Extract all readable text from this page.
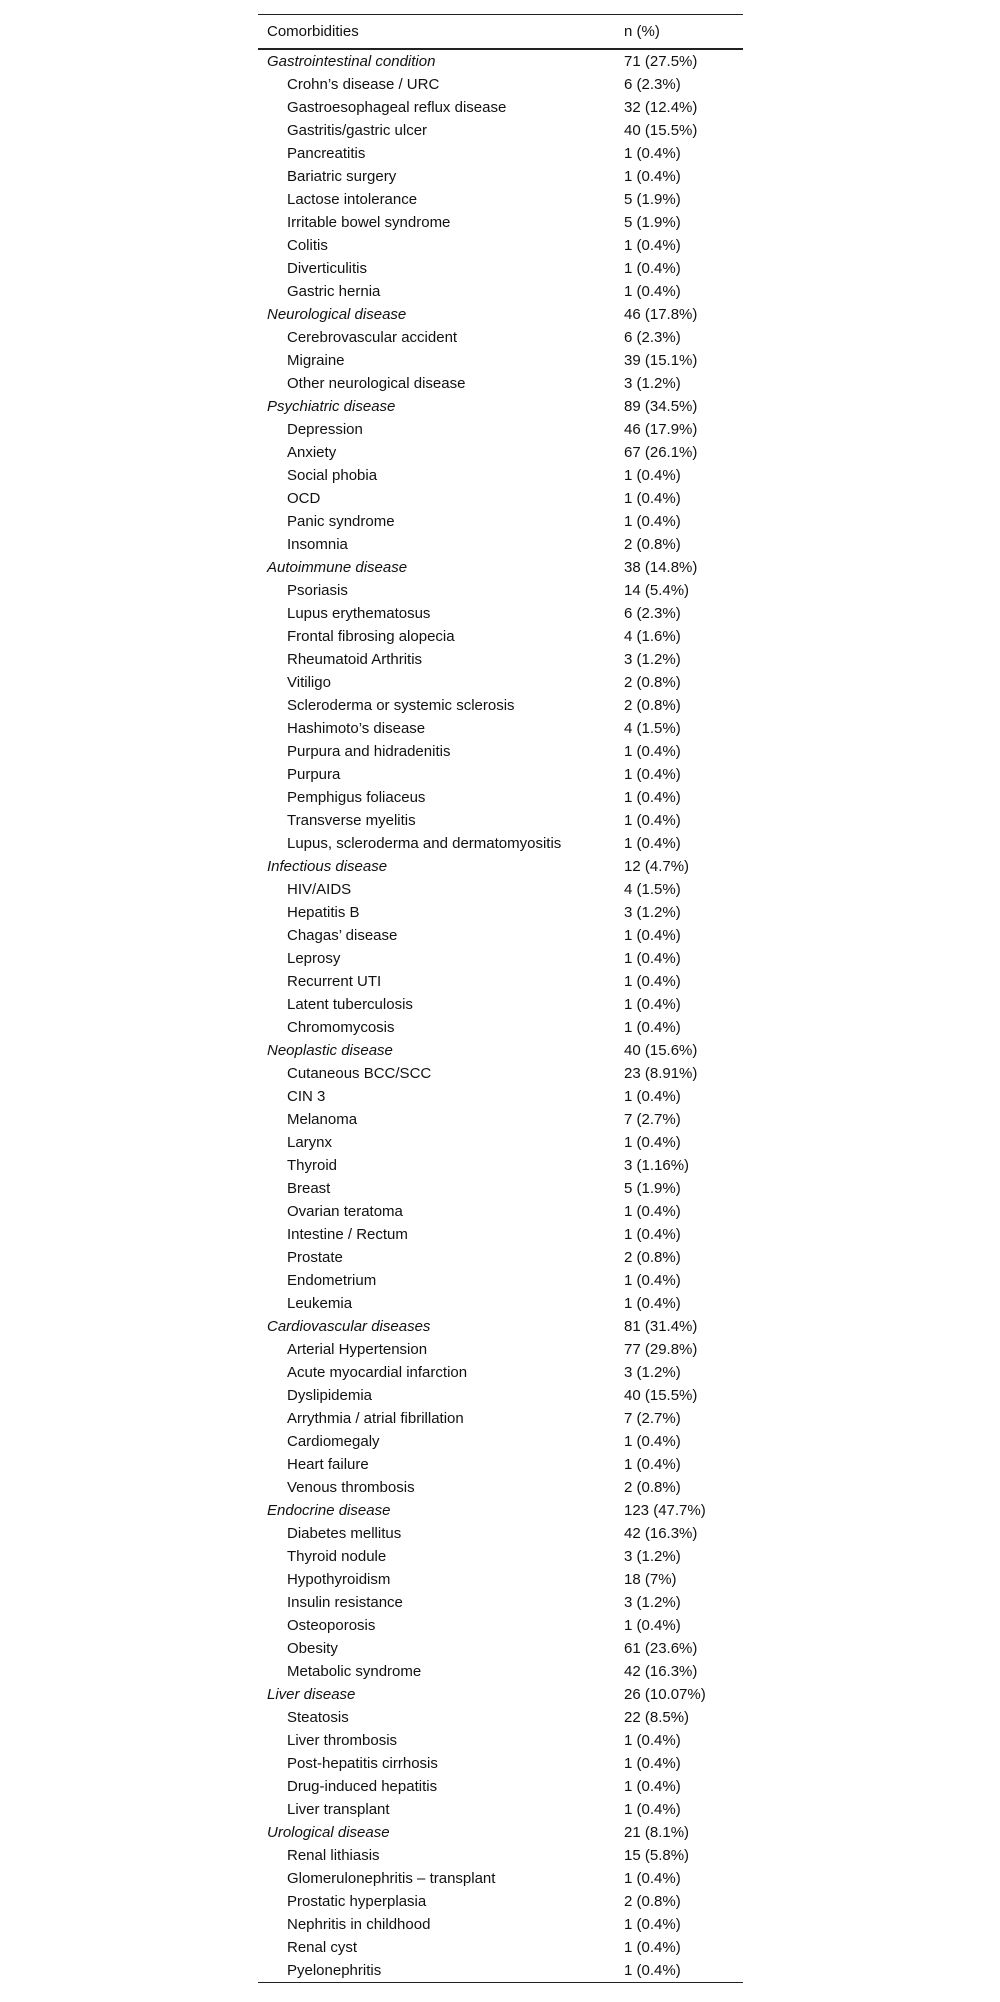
Comorbidities	n (%)
Gastrointestinal condition	71 (27.5%)
Crohn’s disease / URC	6 (2.3%)
Gastroesophageal reflux disease	32 (12.4%)
Gastritis/gastric ulcer	40 (15.5%)
Pancreatitis	1 (0.4%)
Bariatric surgery	1 (0.4%)
Lactose intolerance	5 (1.9%)
Irritable bowel syndrome	5 (1.9%)
Colitis	1 (0.4%)
Diverticulitis	1 (0.4%)
Gastric hernia	1 (0.4%)
Neurological disease	46 (17.8%)
Cerebrovascular accident	6 (2.3%)
Migraine	39 (15.1%)
Other neurological disease	3 (1.2%)
Psychiatric disease	89 (34.5%)
Depression	46 (17.9%)
Anxiety	67 (26.1%)
Social phobia	1 (0.4%)
OCD	1 (0.4%)
Panic syndrome	1 (0.4%)
Insomnia	2 (0.8%)
Autoimmune disease	38 (14.8%)
Psoriasis	14 (5.4%)
Lupus erythematosus	6 (2.3%)
Frontal fibrosing alopecia	4 (1.6%)
Rheumatoid Arthritis	3 (1.2%)
Vitiligo	2 (0.8%)
Scleroderma or systemic sclerosis	2 (0.8%)
Hashimoto’s disease	4 (1.5%)
Purpura and hidradenitis	1 (0.4%)
Purpura	1 (0.4%)
Pemphigus foliaceus	1 (0.4%)
Transverse myelitis	1 (0.4%)
Lupus, scleroderma and dermatomyositis	1 (0.4%)
Infectious disease	12 (4.7%)
HIV/AIDS	4 (1.5%)
Hepatitis B	3 (1.2%)
Chagas’ disease	1 (0.4%)
Leprosy	1 (0.4%)
Recurrent UTI	1 (0.4%)
Latent tuberculosis	1 (0.4%)
Chromomycosis	1 (0.4%)
Neoplastic disease	40 (15.6%)
Cutaneous BCC/SCC	23 (8.91%)
CIN 3	1 (0.4%)
Melanoma	7 (2.7%)
Larynx	1 (0.4%)
Thyroid	3 (1.16%)
Breast	5 (1.9%)
Ovarian teratoma	1 (0.4%)
Intestine / Rectum	1 (0.4%)
Prostate	2 (0.8%)
Endometrium	1 (0.4%)
Leukemia	1 (0.4%)
Cardiovascular diseases	81 (31.4%)
Arterial Hypertension	77 (29.8%)
Acute myocardial infarction	3 (1.2%)
Dyslipidemia	40 (15.5%)
Arrythmia / atrial fibrillation	7 (2.7%)
Cardiomegaly	1 (0.4%)
Heart failure	1 (0.4%)
Venous thrombosis	2 (0.8%)
Endocrine disease	123 (47.7%)
Diabetes mellitus	42 (16.3%)
Thyroid nodule	3 (1.2%)
Hypothyroidism	18 (7%)
Insulin resistance	3 (1.2%)
Osteoporosis	1 (0.4%)
Obesity	61 (23.6%)
Metabolic syndrome	42 (16.3%)
Liver disease	26 (10.07%)
Steatosis	22 (8.5%)
Liver thrombosis	1 (0.4%)
Post-hepatitis cirrhosis	1 (0.4%)
Drug-induced hepatitis	1 (0.4%)
Liver transplant	1 (0.4%)
Urological disease	21 (8.1%)
Renal lithiasis	15 (5.8%)
Glomerulonephritis – transplant	1 (0.4%)
Prostatic hyperplasia	2 (0.8%)
Nephritis in childhood	1 (0.4%)
Renal cyst	1 (0.4%)
Pyelonephritis	1 (0.4%)
